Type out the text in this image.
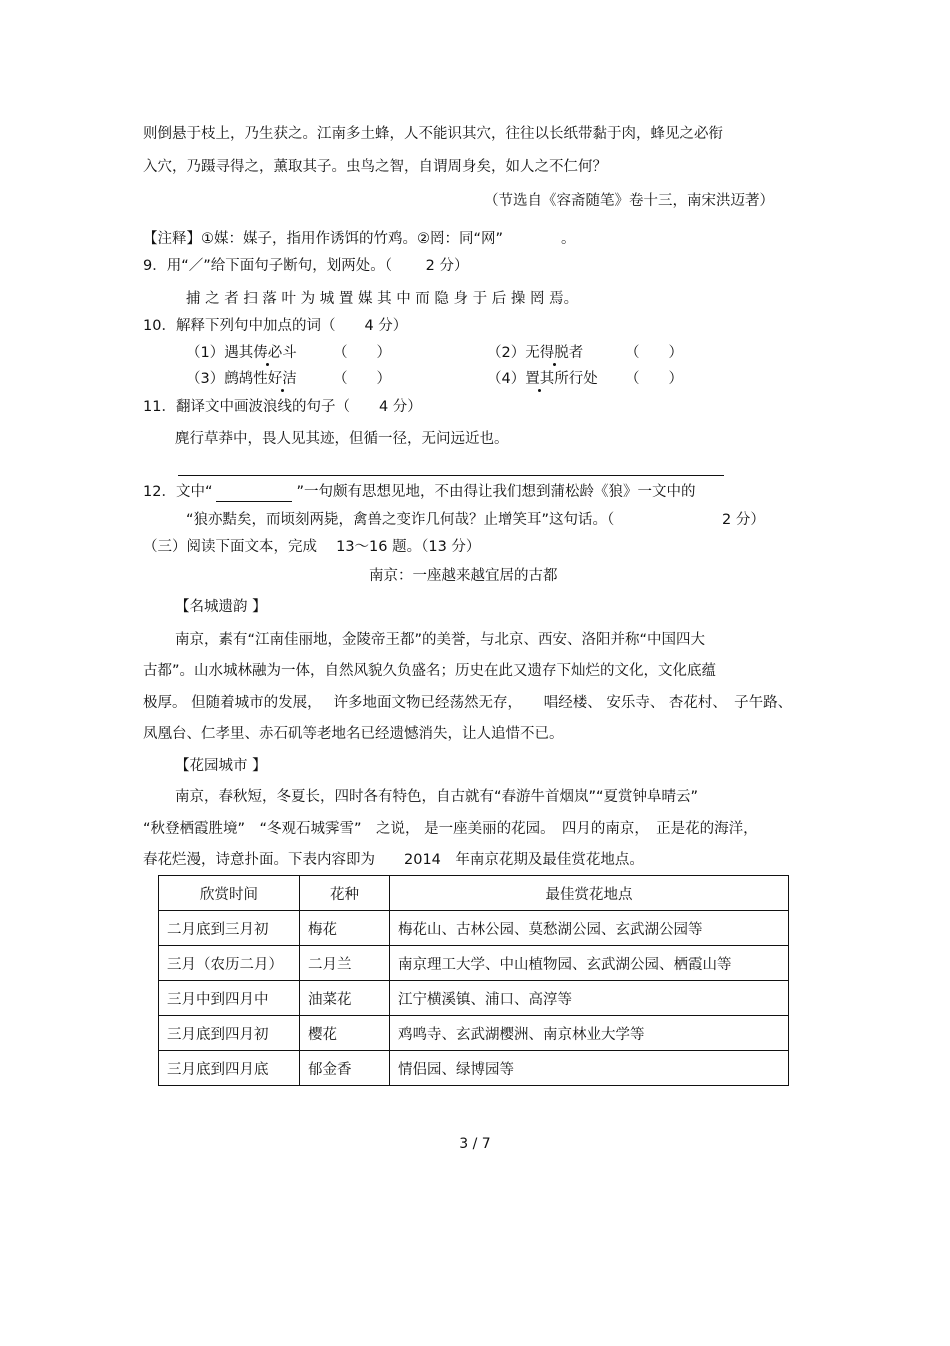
则倒悬于枝上，乃生获之。江南多土蜂，人不能识其穴，往往以长纸带黏于肉，蜂见之必衔
入穴，乃蹑寻得之，薰取其子。虫鸟之智，自谓周身矣，如人之不仁何？
（节选自《容斋随笔》卷十三，南宋洪迈著）
【注释】①媒：媒子，指用作诱饵的竹鸡。②罔：同“网”　　　　。
9．用“／”给下面句子断句，划两处。（　　 2 分）
捕 之 者 扫 落 叶 为 城 置 媒 其 中 而 隐 身 于 后 操 罔 焉。
10．解释下列句中加点的词（　　4 分）
（1）遇其俦 必斗	（　　）	（2）无得 脱者	（　　）
（3）鹧鸪性好 洁	（　　）	（4）置 其所行处 （　　）
11．翻译文中画波浪线的句子（　　4 分）
麂行草莽中，畏人见其迹，但循一径，无问远近也。
12．文中“	”一句颇有思想见地，不由得让我们想到蒲松龄《狼》一文中的
“狼亦黠矣，而顷刻两毙，禽兽之变诈几何哉？止增笑耳”这句话。（	2 分）
（三）阅读下面文本，完成　 13～16 题。（13 分）
南京：一座越来越宜居的古都
【名城遗韵 】
南京，素有“江南佳丽地，金陵帝王都”的美誉，与北京、西安、洛阳并称“中国四大
古都”。山水城林融为一体，自然风貌久负盛名；历史在此又遗存下灿烂的文化，文化底蕴
极厚。 但随着城市的发展，　 许多地面文物已经荡然无存，　　唱经楼、 安乐寺、 杏花村、　子午路、
凤凰台、仁孝里、赤石矶等老地名已经遗憾消失，让人追惜不已。
【花园城市 】
南京，春秋短，冬夏长，四时各有特色，自古就有“春游牛首烟岚”“夏赏钟阜晴云”
“秋登栖霞胜境”　“冬观石城霁雪”　之说， 是一座美丽的花园。　四月的南京，　正是花的海洋，
春花烂漫，诗意扑面。下表内容即为　　2014　年南京花期及最佳赏花地点。
欣赏时间	花种	最佳赏花地点
二月底到三月初	梅花	梅花山、古林公园、莫愁湖公园、玄武湖公园等
三月（农历二月）	二月兰	南京理工大学、中山植物园、玄武湖公园、栖霞山等
三月中到四月中	油菜花	江宁横溪镇、浦口、高淳等
三月底到四月初	樱花	鸡鸣寺、玄武湖樱洲、南京林业大学等
三月底到四月底	郁金香	情侣园、绿博园等
3 / 7
